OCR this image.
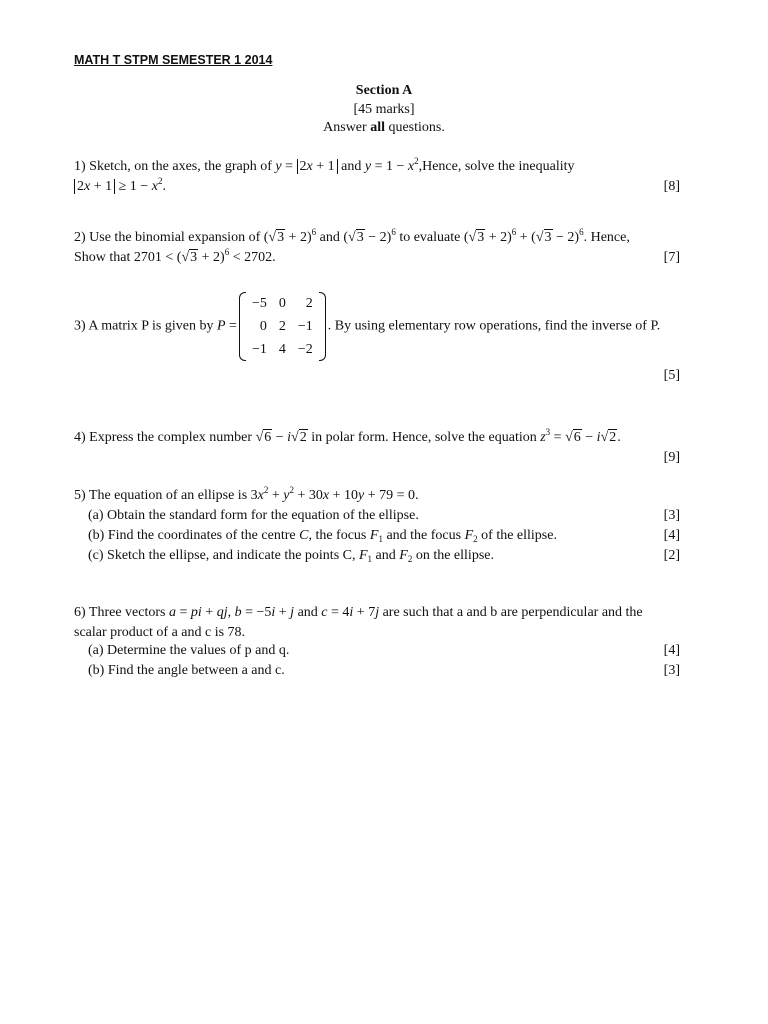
MATH T STPM SEMESTER 1 2014
Section A
[45 marks]
Answer all questions.
1) Sketch, on the axes, the graph of y = 2x + 1 and $y = 1 - x^2,Hence$, solve the inequality
$2x + 1 \ge 1 - x^2$.	[8]
2) Use the binomial expansion of $(√3 + 2)^6$ and $(√3 - 2)^6$ to evaluate $(√3 + 2)^6 + (√3 - 2)^6$. Hence,
Show that $2701 < (√3 + 2)^6 < 2702$.	[7]
3) A matrix P is given by P =
−5	0	2
0	2	−1
−1	4	−2
. By using elementary row operations, find the inverse of P.
[5]
4) Express the complex number √6 − i√2 in polar form. Hence, solve the equation $z^3 = √6 - i√2$.
[9]
5) The equation of an ellipse is $3x^2 + y^2 + 30x + 10y + 79 = 0$.
(a) Obtain the standard form for the equation of the ellipse.	[3]
(b) Find the coordinates of the centre C, the focus $F_1$ and the focus $F_2$ of the ellipse.	[4]
(c) Sketch the ellipse, and indicate the points C, $F_1$ and $F_2$ on the ellipse.	[2]
6) Three vectors a = pi + qj, b = −5i + j and c = 4i + 7j are such that a and b are perpendicular and the
scalar product of a and c is 78.
(a) Determine the values of p and q.	[4]
(b) Find the angle between a and c.	[3]
